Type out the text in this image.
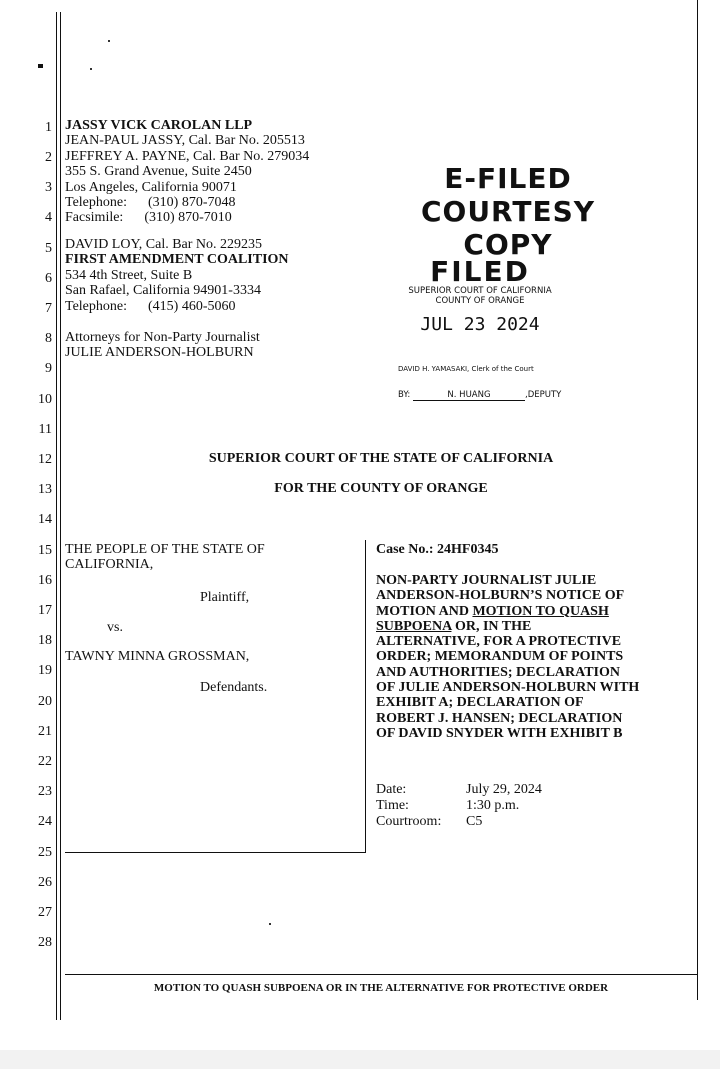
1
2
3
4
5
6
7
8
9
10
11
12
13
14
15
16
17
18
19
20
21
22
23
24
25
26
27
28
JASSY VICK CAROLAN LLP
JEAN-PAUL JASSY, Cal. Bar No. 205513
JEFFREY A. PAYNE, Cal. Bar No. 279034
355 S. Grand Avenue, Suite 2450
Los Angeles, California 90071
Telephone:      (310) 870-7048
Facsimile:      (310) 870-7010
DAVID LOY, Cal. Bar No. 229235
FIRST AMENDMENT COALITION
534 4th Street, Suite B
San Rafael, California 94901-3334
Telephone:      (415) 460-5060
Attorneys for Non-Party Journalist
JULIE ANDERSON-HOLBURN
E-FILED
COURTESY COPY
FILED
SUPERIOR COURT OF CALIFORNIA
COUNTY OF ORANGE
JUL 23 2024
DAVID H. YAMASAKI, Clerk of the Court
BY:	N. HUANG	,DEPUTY
SUPERIOR COURT OF THE STATE OF CALIFORNIA
FOR THE COUNTY OF ORANGE
THE PEOPLE OF THE STATE OF
CALIFORNIA,
Plaintiff,
vs.
TAWNY MINNA GROSSMAN,
Defendants.
Case No.: 24HF0345
NON-PARTY JOURNALIST JULIE
ANDERSON-HOLBURN’S NOTICE OF
MOTION AND MOTION TO QUASH
SUBPOENA OR, IN THE
ALTERNATIVE, FOR A PROTECTIVE
ORDER; MEMORANDUM OF POINTS
AND AUTHORITIES; DECLARATION
OF JULIE ANDERSON-HOLBURN WITH
EXHIBIT A; DECLARATION OF
ROBERT J. HANSEN; DECLARATION
OF DAVID SNYDER WITH EXHIBIT B
Date:	July 29, 2024
Time:	1:30 p.m.
Courtroom: C5
MOTION TO QUASH SUBPOENA OR IN THE ALTERNATIVE FOR PROTECTIVE ORDER
